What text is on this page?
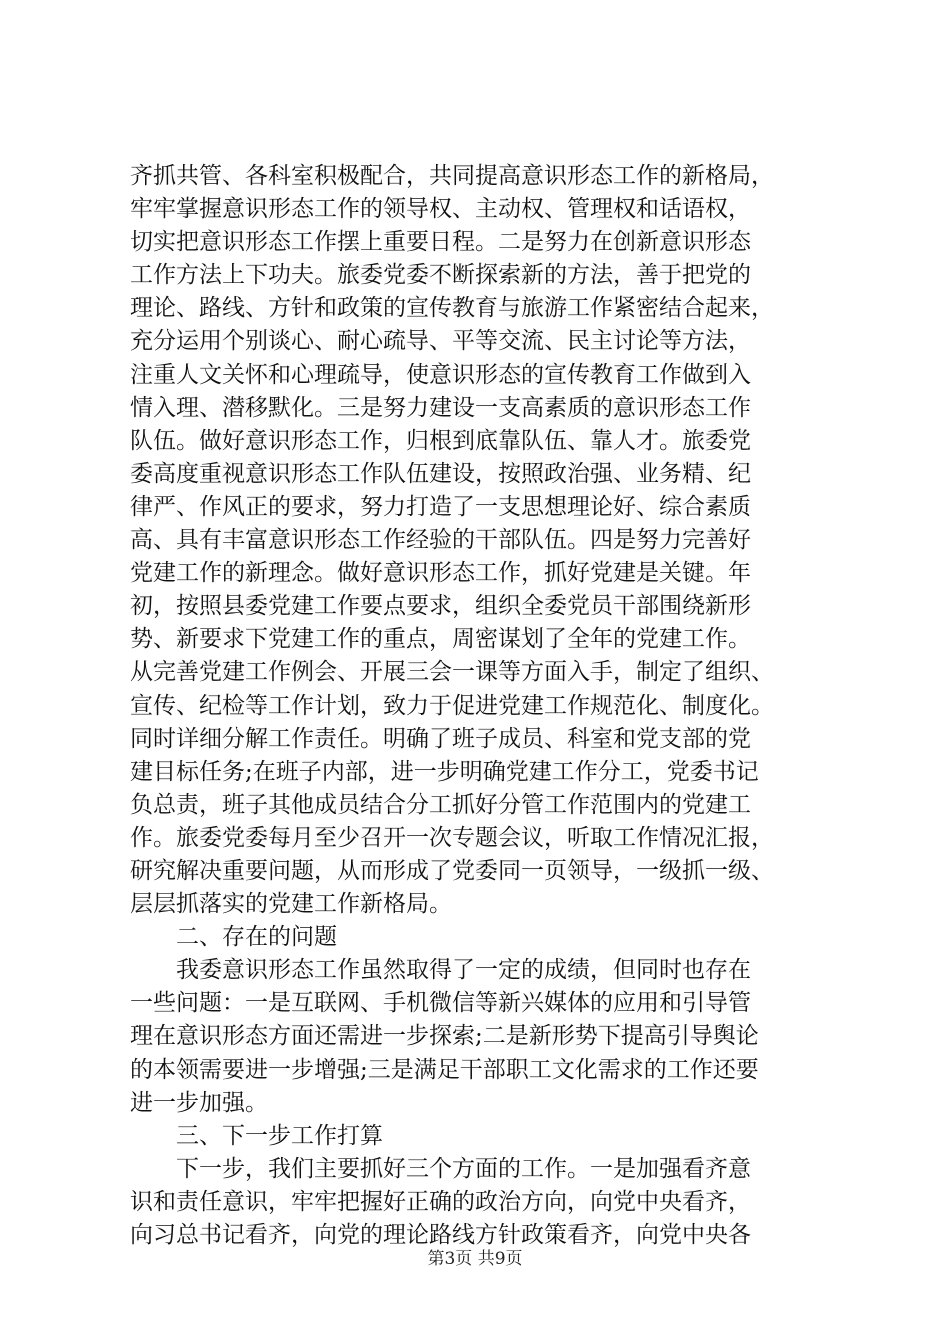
齐抓共管、各科室积极配合，共同提高意识形态工作的新格局，
牢牢掌握意识形态工作的领导权、主动权、管理权和话语权，
切实把意识形态工作摆上重要日程。二是努力在创新意识形态
工作方法上下功夫。旅委党委不断探索新的方法，善于把党的
理论、路线、方针和政策的宣传教育与旅游工作紧密结合起来，
充分运用个别谈心、耐心疏导、平等交流、民主讨论等方法，
注重人文关怀和心理疏导，使意识形态的宣传教育工作做到入
情入理、潜移默化。三是努力建设一支高素质的意识形态工作
队伍。做好意识形态工作，归根到底靠队伍、靠人才。旅委党
委高度重视意识形态工作队伍建设，按照政治强、业务精、纪
律严、作风正的要求，努力打造了一支思想理论好、综合素质
高、具有丰富意识形态工作经验的干部队伍。四是努力完善好
党建工作的新理念。做好意识形态工作，抓好党建是关键。年
初，按照县委党建工作要点要求，组织全委党员干部围绕新形
势、新要求下党建工作的重点，周密谋划了全年的党建工作。
从完善党建工作例会、开展三会一课等方面入手，制定了组织、
宣传、纪检等工作计划，致力于促进党建工作规范化、制度化。
同时详细分解工作责任。明确了班子成员、科室和党支部的党
建目标任务;在班子内部，进一步明确党建工作分工，党委书记
负总责，班子其他成员结合分工抓好分管工作范围内的党建工
作。旅委党委每月至少召开一次专题会议，听取工作情况汇报，
研究解决重要问题，从而形成了党委同一页领导，一级抓一级、
层层抓落实的党建工作新格局。
二、存在的问题
我委意识形态工作虽然取得了一定的成绩，但同时也存在
一些问题：一是互联网、手机微信等新兴媒体的应用和引导管
理在意识形态方面还需进一步探索;二是新形势下提高引导舆论
的本领需要进一步增强;三是满足干部职工文化需求的工作还要
进一步加强。
三、下一步工作打算
下一步，我们主要抓好三个方面的工作。一是加强看齐意
识和责任意识，牢牢把握好正确的政治方向，向党中央看齐，
向习总书记看齐，向党的理论路线方针政策看齐，向党中央各
第3页 共9页
